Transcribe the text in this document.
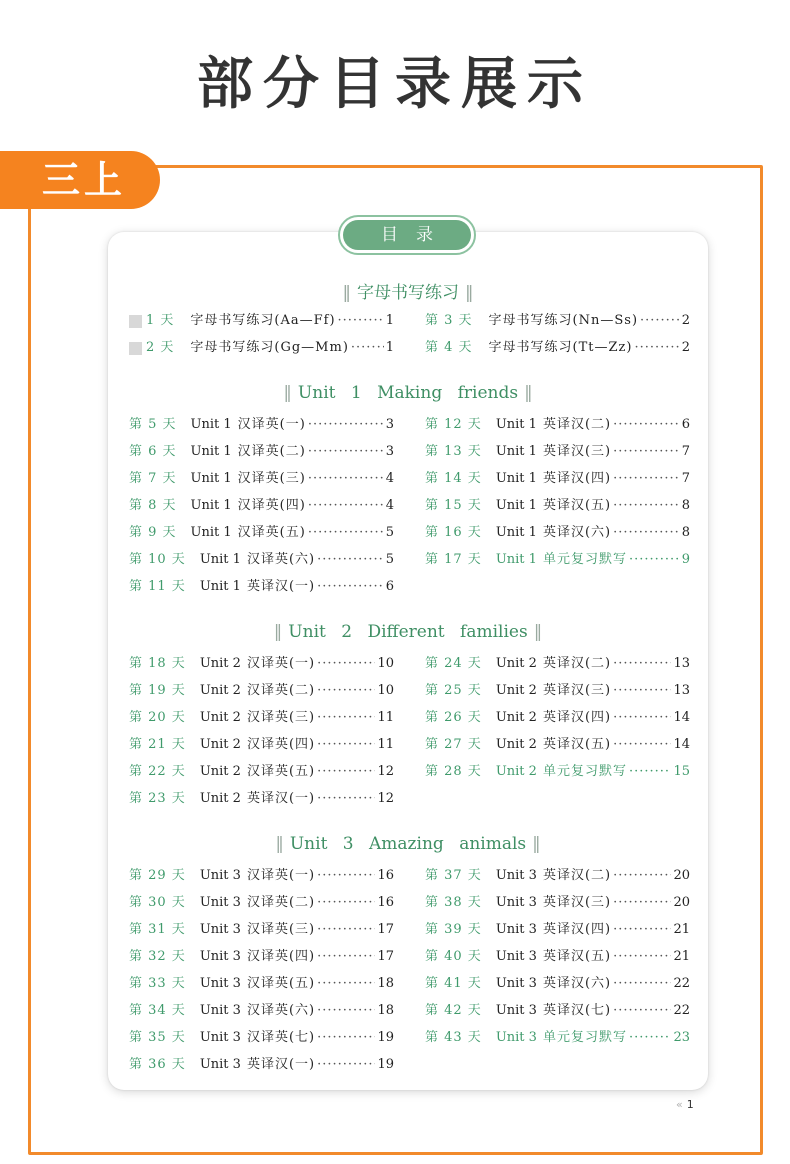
部分目录展示
三上
目录
‖ 字母书写练习 ‖
1 天 字母书写练习(Aa—Ff) ·····	1
2 天 字母书写练习(Gg—Mm) ·····	1
第 3 天 字母书写练习(Nn—Ss) ·····	2
第 4 天 字母书写练习(Tt—Zz) ·····	2
‖ Unit 1 Making friends ‖
第 5 天 Unit 1 汉译英(一) ·····	3
第 6 天 Unit 1 汉译英(二) ·····	3
第 7 天 Unit 1 汉译英(三) ·····	4
第 8 天 Unit 1 汉译英(四) ·····	4
第 9 天 Unit 1 汉译英(五) ·····	5
第 10 天 Unit 1 汉译英(六) ·····	5
第 11 天 Unit 1 英译汉(一) ·····	6
第 12 天 Unit 1 英译汉(二) ·····	6
第 13 天 Unit 1 英译汉(三) ·····	7
第 14 天 Unit 1 英译汉(四) ·····	7
第 15 天 Unit 1 英译汉(五) ·····	8
第 16 天 Unit 1 英译汉(六) ·····	8
第 17 天 Unit 1 单元复习默写 ·····	9
‖ Unit 2 Different families ‖
第 18 天 Unit 2 汉译英(一) ·····	10
第 19 天 Unit 2 汉译英(二) ·····	10
第 20 天 Unit 2 汉译英(三) ·····	11
第 21 天 Unit 2 汉译英(四) ·····	11
第 22 天 Unit 2 汉译英(五) ·····	12
第 23 天 Unit 2 英译汉(一) ·····	12
第 24 天 Unit 2 英译汉(二) ·····	13
第 25 天 Unit 2 英译汉(三) ·····	13
第 26 天 Unit 2 英译汉(四) ·····	14
第 27 天 Unit 2 英译汉(五) ·····	14
第 28 天 Unit 2 单元复习默写 ·····	15
‖ Unit 3 Amazing animals ‖
第 29 天 Unit 3 汉译英(一) ·····	16
第 30 天 Unit 3 汉译英(二) ·····	16
第 31 天 Unit 3 汉译英(三) ·····	17
第 32 天 Unit 3 汉译英(四) ·····	17
第 33 天 Unit 3 汉译英(五) ·····	18
第 34 天 Unit 3 汉译英(六) ·····	18
第 35 天 Unit 3 汉译英(七) ·····	19
第 36 天 Unit 3 英译汉(一) ·····	19
第 37 天 Unit 3 英译汉(二) ·····	20
第 38 天 Unit 3 英译汉(三) ·····	20
第 39 天 Unit 3 英译汉(四) ·····	21
第 40 天 Unit 3 英译汉(五) ·····	21
第 41 天 Unit 3 英译汉(六) ·····	22
第 42 天 Unit 3 英译汉(七) ·····	22
第 43 天 Unit 3 单元复习默写 ·····	23
« 1
